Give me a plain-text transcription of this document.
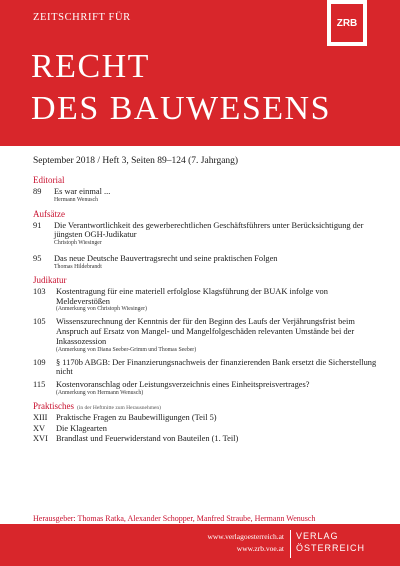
ZEITSCHRIFT FÜR	ZRB
RECHT
DES BAUWESENS
September 2018 / Heft 3, Seiten 89–124 (7. Jahrgang)
Editorial
89	Es war einmal ...
Hermann Wenusch
Aufsätze
91	Die Verantwortlichkeit des gewerberechtlichen Geschäftsführers unter Berücksichtigung der jüngsten OGH-Judikatur
Christoph Wiesinger
95	Das neue Deutsche Bauvertragsrecht und seine praktischen Folgen
Thomas Hildebrandt
Judikatur
103	Kostentragung für eine materiell erfolglose Klagsführung der BUAK infolge von Meldeverstößen
(Anmerkung von Christoph Wiesinger)
105	Wissenszurechnung der Kenntnis der für den Beginn des Laufs der Verjährungsfrist beim Anspruch auf Ersatz von Mangel- und Mangelfolgeschäden relevanten Umstände bei der Inkassozession
(Anmerkung von Diana Seeber-Grimm und Thomas Seeber)
109	§ 1170b ABGB: Der Finanzierungsnachweis der finanzierenden Bank ersetzt die Sicherstellung nicht
115	Kostenvoranschlag oder Leistungsverzeichnis eines Einheitspreisvertrages?
(Anmerkung von Hermann Wenusch)
Praktisches (in der Heftmitte zum Herausnehmen)
XIII	Praktische Fragen zu Baubewilligungen (Teil 5)
XV	Die Klagearten
XVI Brandlast und Feuerwiderstand von Bauteilen (1. Teil)
Herausgeber: Thomas Ratka, Alexander Schopper, Manfred Straube, Hermann Wenusch
www.verlagoesterreich.at
www.zrb.voe.at
VERLAG
ÖSTERREICH
